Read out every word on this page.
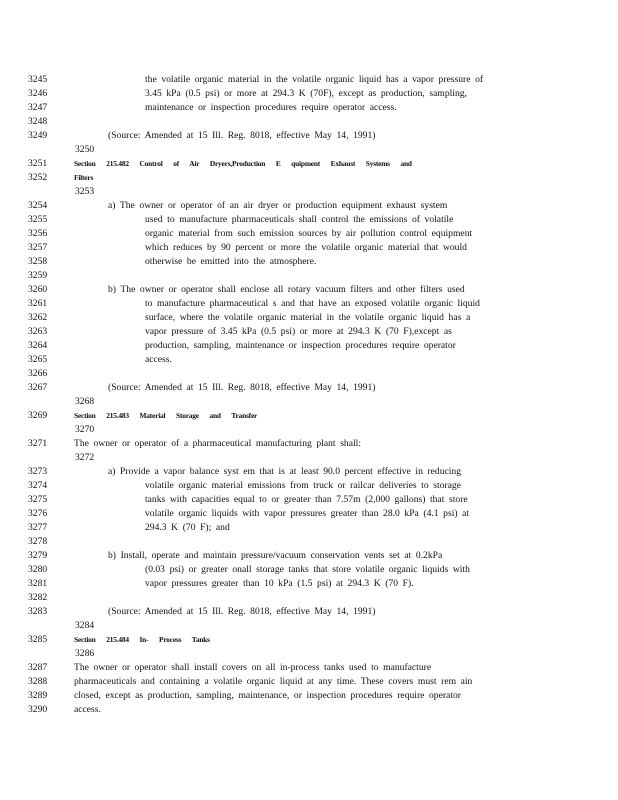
3245	the volatile organic material in the volatile organic liquid has a vapor pressure of
3246	3.45 kPa (0.5 psi) or more at 294.3 K (70F), except as production, sampling,
3247	maintenance or inspection procedures require operator access.
3248
3249	(Source: Amended at 15 Ill. Reg. 8018, effective May 14, 1991)
3250
3251	Section 215.482 Control of Air Dryers,Production E quipment Exhaust Systems and
3252	Filters
3253
3254	a) The owner or operator of an air dryer or production equipment exhaust system
3255	used to manufacture pharmaceuticals shall control the emissions of volatile
3256	organic material from such emission sources by air pollution control equipment
3257	which reduces by 90 percent or more the volatile organic material that would
3258	otherwise be emitted into the atmosphere.
3259
3260	b) The owner or operator shall enclose all rotary vacuum filters and other filters used
3261	to manufacture pharmaceutical s and that have an exposed volatile organic liquid
3262	surface, where the volatile organic material in the volatile organic liquid has a
3263	vapor pressure of 3.45 kPa (0.5 psi) or more at 294.3 K (70 F),except as
3264	production, sampling, maintenance or inspection procedures require operator
3265	access.
3266
3267	(Source: Amended at 15 Ill. Reg. 8018, effective May 14, 1991)
3268
3269	Section 215.483 Material Storage and Transfer
3270
3271	The owner or operator of a pharmaceutical manufacturing plant shall:
3272
3273	a) Provide a vapor balance syst em that is at least 90.0 percent effective in reducing
3274	volatile organic material emissions from truck or railcar deliveries to storage
3275	tanks with capacities equal to or greater than 7.57m (2,000 gallons) that store
3276	volatile organic liquids with vapor pressures greater than 28.0 kPa (4.1 psi) at
3277	294.3 K (70 F); and
3278
3279	b) Install, operate and maintain pressure/vacuum conservation vents set at 0.2kPa
3280	(0.03 psi) or greater onall storage tanks that store volatile organic liquids with
3281	vapor pressures greater than 10 kPa (1.5 psi) at 294.3 K (70 F).
3282
3283	(Source: Amended at 15 Ill. Reg. 8018, effective May 14, 1991)
3284
3285	Section 215.484 In- Process Tanks
3286
3287	The owner or operator shall install covers on all in-process tanks used to manufacture
3288	pharmaceuticals and containing a volatile organic liquid at any time. These covers must rem ain
3289	closed, except as production, sampling, maintenance, or inspection procedures require operator
3290	access.
